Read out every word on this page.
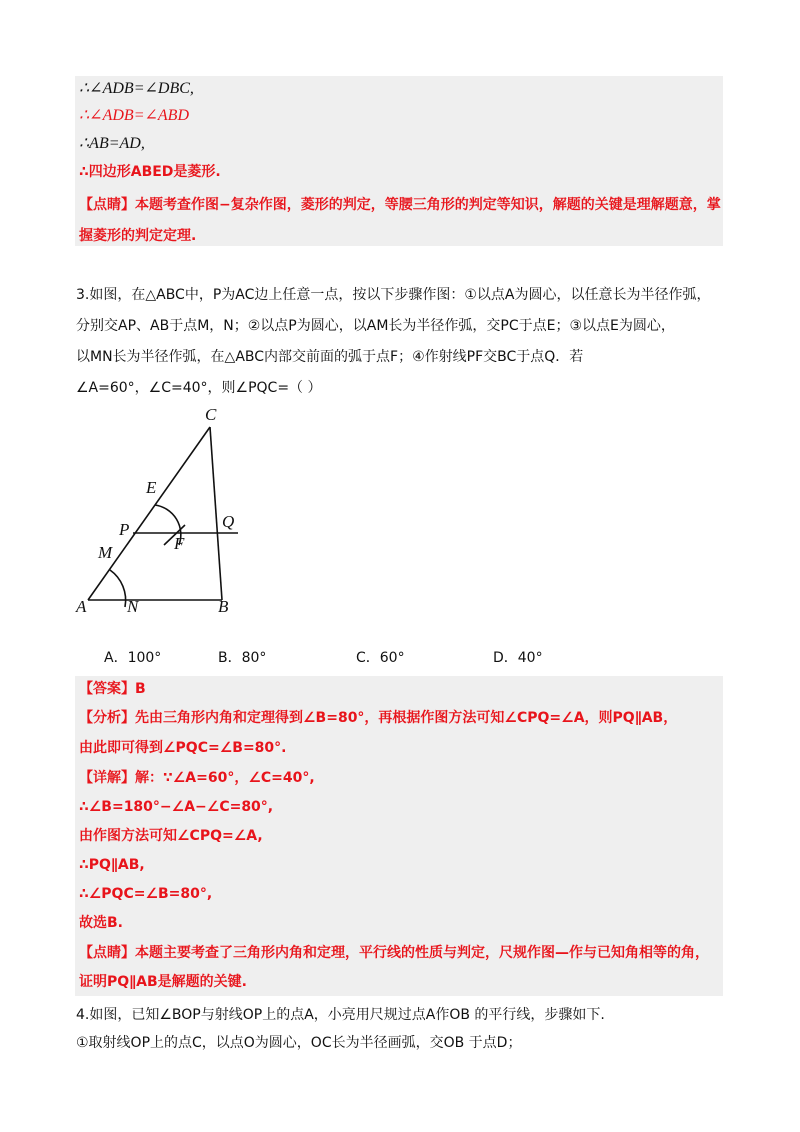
∴∠ADB=∠DBC,
∴∠ADB=∠ABD
∴AB=AD,
∴四边形ABED是菱形.
【点睛】本题考查作图−复杂作图，菱形的判定，等腰三角形的判定等知识，解题的关键是理解题意，掌
握菱形的判定定理.
3.如图，在△ABC中，P为AC边上任意一点，按以下步骤作图：①以点A为圆心，以任意长为半径作弧，
分别交AP、AB于点M，N；②以点P为圆心，以AM长为半径作弧，交PC于点E；③以点E为圆心，
以MN长为半径作弧，在△ABC内部交前面的弧于点F；④作射线PF交BC于点Q．若
∠A=60°，∠C=40°，则∠PQC=（ ）
C
E
P	Q
F
M
A N	B
A．100°	B．80°	C．60°	D．40°
【答案】B
【分析】先由三角形内角和定理得到∠B=80°，再根据作图方法可知∠CPQ=∠A，则PQ∥AB，
由此即可得到∠PQC=∠B=80°.
【详解】解：∵∠A=60°，∠C=40°,
∴∠B=180°−∠A−∠C=80°,
由作图方法可知∠CPQ=∠A,
∴PQ∥AB,
∴∠PQC=∠B=80°,
故选B.
【点睛】本题主要考查了三角形内角和定理，平行线的性质与判定，尺规作图—作与已知角相等的角，
证明PQ∥AB是解题的关键.
4.如图，已知∠BOP与射线OP上的点A，小亮用尺规过点A作OB 的平行线，步骤如下.
①取射线OP上的点C，以点O为圆心，OC长为半径画弧，交OB 于点D；
